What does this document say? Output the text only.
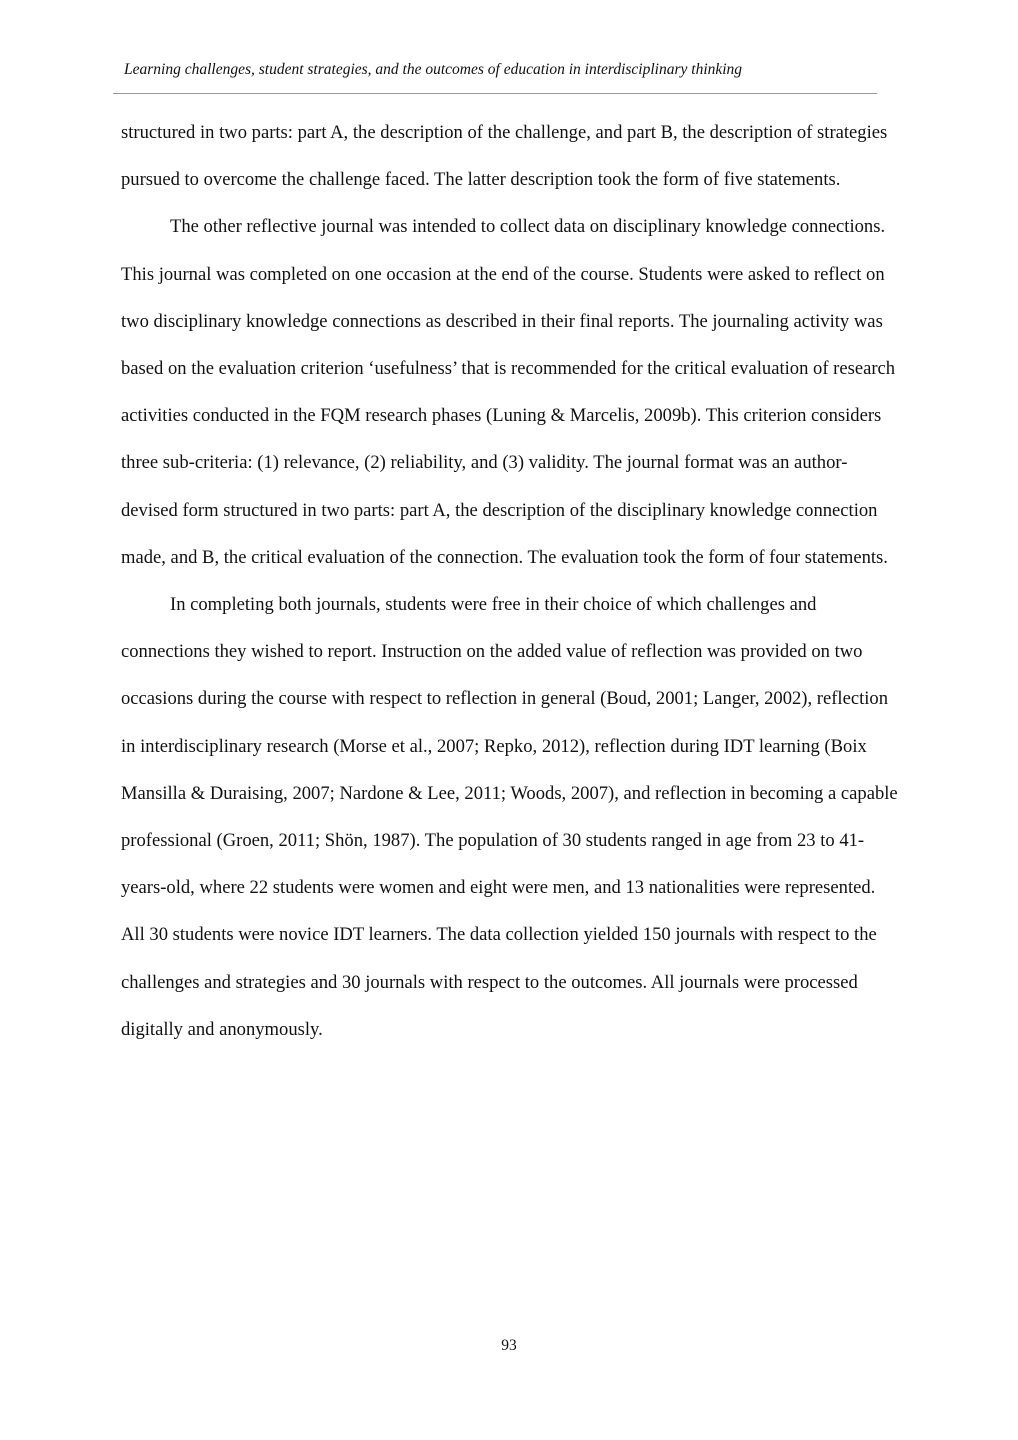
Learning challenges, student strategies, and the outcomes of education in interdisciplinary thinking

structured in two parts: part A, the description of the challenge, and part B, the description of strategies pursued to overcome the challenge faced. The latter description took the form of five statements.

The other reflective journal was intended to collect data on disciplinary knowledge connections. This journal was completed on one occasion at the end of the course. Students were asked to reflect on two disciplinary knowledge connections as described in their final reports. The journaling activity was based on the evaluation criterion ‘usefulness’ that is recommended for the critical evaluation of research activities conducted in the FQM research phases (Luning & Marcelis, 2009b). This criterion considers three sub-criteria: (1) relevance, (2) reliability, and (3) validity. The journal format was an author-devised form structured in two parts: part A, the description of the disciplinary knowledge connection made, and B, the critical evaluation of the connection. The evaluation took the form of four statements.

In completing both journals, students were free in their choice of which challenges and connections they wished to report. Instruction on the added value of reflection was provided on two occasions during the course with respect to reflection in general (Boud, 2001; Langer, 2002), reflection in interdisciplinary research (Morse et al., 2007; Repko, 2012), reflection during IDT learning (Boix Mansilla & Duraising, 2007; Nardone & Lee, 2011; Woods, 2007), and reflection in becoming a capable professional (Groen, 2011; Shön, 1987). The population of 30 students ranged in age from 23 to 41-years-old, where 22 students were women and eight were men, and 13 nationalities were represented. All 30 students were novice IDT learners. The data collection yielded 150 journals with respect to the challenges and strategies and 30 journals with respect to the outcomes. All journals were processed digitally and anonymously.

93
